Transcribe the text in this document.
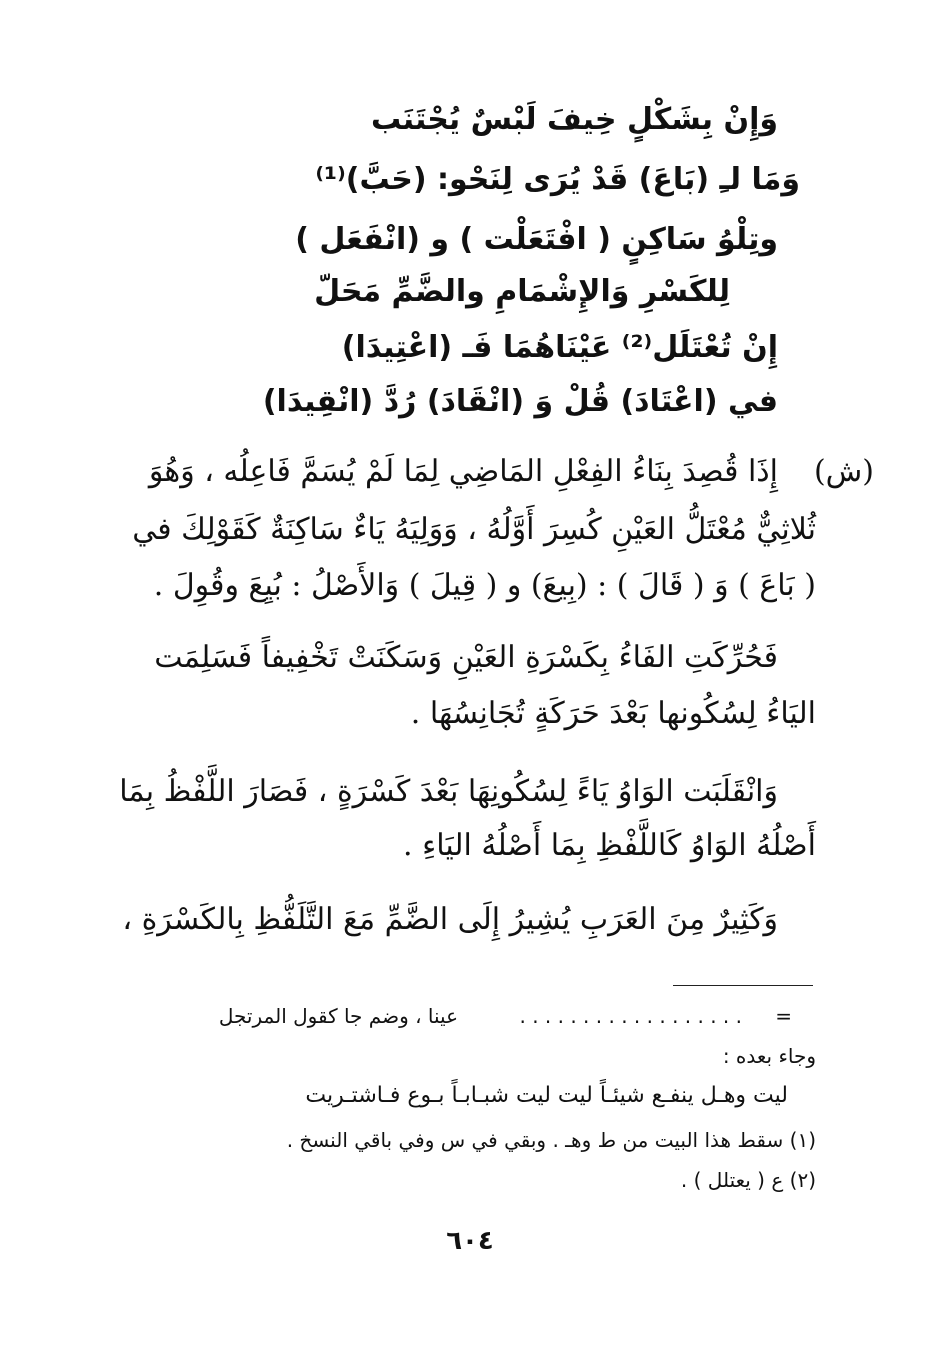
وَإِنْ بِشَكْلٍ خِيفَ لَبْسٌ يُجْتَنَب
وَمَا لـِ (بَاعَ) قَدْ يُرَى لِنَحْو: (حَبَّ)⁽¹⁾
وتِلْوُ سَاكِنٍ ( افْتَعَلْت ) و (انْفَعَل )
لِلكَسْرِ وَالإِشْمَامِ والضَّمِّ مَحَلّ
إِنْ تُعْتَلَل⁽²⁾ عَيْنَاهُمَا فَـ (اعْتِيدَا)
في (اعْتَادَ) قُلْ وَ (انْقَادَ) رُدَّ (انْقِيدَا)
(ش)
إِذَا قُصِدَ بِنَاءُ الفِعْلِ المَاضِي لِمَا لَمْ يُسَمَّ فَاعِلُه ، وَهُوَ
ثُلاثِيٌّ مُعْتَلُّ العَيْنِ كُسِرَ أَوَّلُهُ ، وَوَلِيَهُ يَاءٌ سَاكِنَةٌ كَقَوْلِكَ في
( بَاعَ ) وَ ( قَالَ ) : (بِيعَ) و ( قِيلَ ) وَالأَصْلُ : بُيِعَ وقُوِلَ .
فَحُرِّكَتِ الفَاءُ بِكَسْرَةِ العَيْنِ وَسَكَنَتْ تَخْفِيفاً فَسَلِمَت
اليَاءُ لِسُكُونها بَعْدَ حَرَكَةٍ تُجَانِسُهَا .
وَانْقَلَبَت الوَاوُ يَاءً لِسُكُونِهَا بَعْدَ كَسْرَةٍ ، فَصَارَ اللَّفْظُ بِمَا
أَصْلُهُ الوَاوُ كَاللَّفْظِ بِمَا أَصْلُهُ اليَاءِ .
وَكَثِيرٌ مِنَ العَرَبِ يُشِيرُ إِلَى الضَّمِّ مَعَ التَّلَفُّظِ بِالكَسْرَةِ ،
=
. . . . . . . . . . . . . . . . . .
عينا ، وضم جا كقول المرتجل
وجاء بعده :
ليت وهـل ينفـع شيئـاً ليت ليت شبـابـاً بـوع فـاشتـريت
(١) سقط هذا البيت من ط وهـ . وبقي في س وفي باقي النسخ .
(٢) ع ( يعتلل ) .
٦٠٤
